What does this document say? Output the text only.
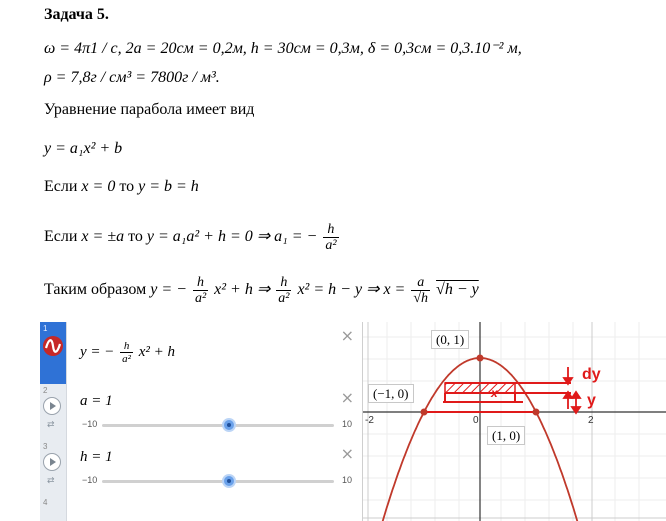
Задача 5.
ω = 4π1 / c, 2a = 20см = 0,2м, h = 30см = 0,3м, δ = 0,3см = 0,3.10⁻² м,
ρ = 7,8г / см³ = 7800г / м³.
Уравнение парабола имеет вид
y = a₁x² + b
Если x = 0 то y = b = h
Если x = ±a то y = a₁a² + h = 0 ⇒ a₁ = − $\frac{h}{\text{a²}}$
Таким образом y = − $\frac{h}{\text{a²}} x^2 + h$ ⇒ $\frac{h}{\text{a²}} x^2 = h - y$ ⇒ $x = \frac{a}{√h} √h - y$
1
y = − $\frac{h}{\text{a²}} x^2 + h$
×
2
⇄
a = 1
−10	10
×
3
⇄
h = 1
−10	10
×
4
(0, 1)
(−1, 0)
(1, 0)
-2	0	2
dy
y
x
